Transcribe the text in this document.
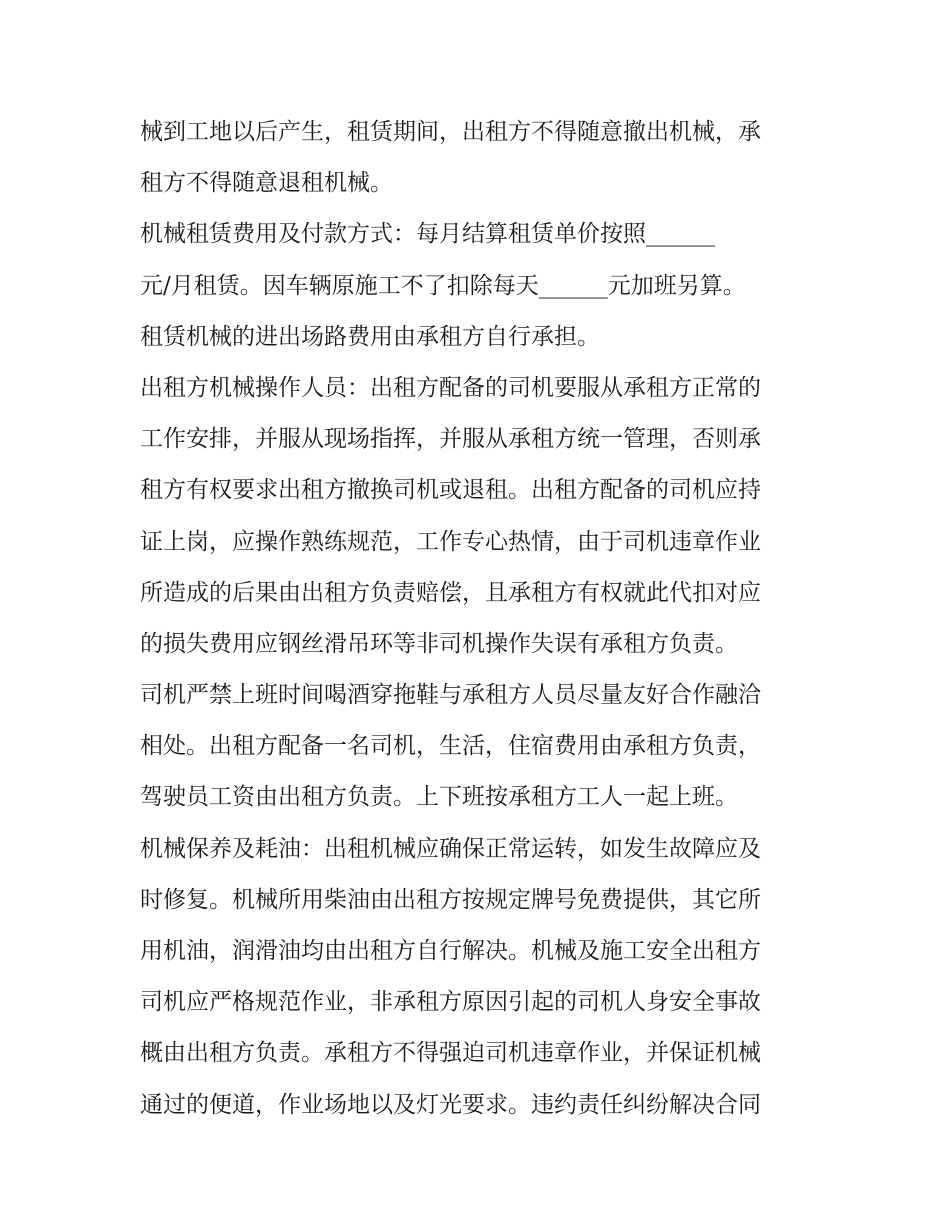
械到工地以后产生，租赁期间，出租方不得随意撤出机械，承
租方不得随意退租机械。
机械租赁费用及付款方式：每月结算租赁单价按照______
元/月租赁。因车辆原施工不了扣除每天______元加班另算。
租赁机械的进出场路费用由承租方自行承担。
出租方机械操作人员：出租方配备的司机要服从承租方正常的
工作安排，并服从现场指挥，并服从承租方统一管理，否则承
租方有权要求出租方撤换司机或退租。出租方配备的司机应持
证上岗，应操作熟练规范，工作专心热情，由于司机违章作业
所造成的后果由出租方负责赔偿，且承租方有权就此代扣对应
的损失费用应钢丝滑吊环等非司机操作失误有承租方负责。
司机严禁上班时间喝酒穿拖鞋与承租方人员尽量友好合作融洽
相处。出租方配备一名司机，生活，住宿费用由承租方负责，
驾驶员工资由出租方负责。上下班按承租方工人一起上班。
机械保养及耗油：出租机械应确保正常运转，如发生故障应及
时修复。机械所用柴油由出租方按规定牌号免费提供，其它所
用机油，润滑油均由出租方自行解决。机械及施工安全出租方
司机应严格规范作业，非承租方原因引起的司机人身安全事故
概由出租方负责。承租方不得强迫司机违章作业，并保证机械
通过的便道，作业场地以及灯光要求。违约责任纠纷解决合同
